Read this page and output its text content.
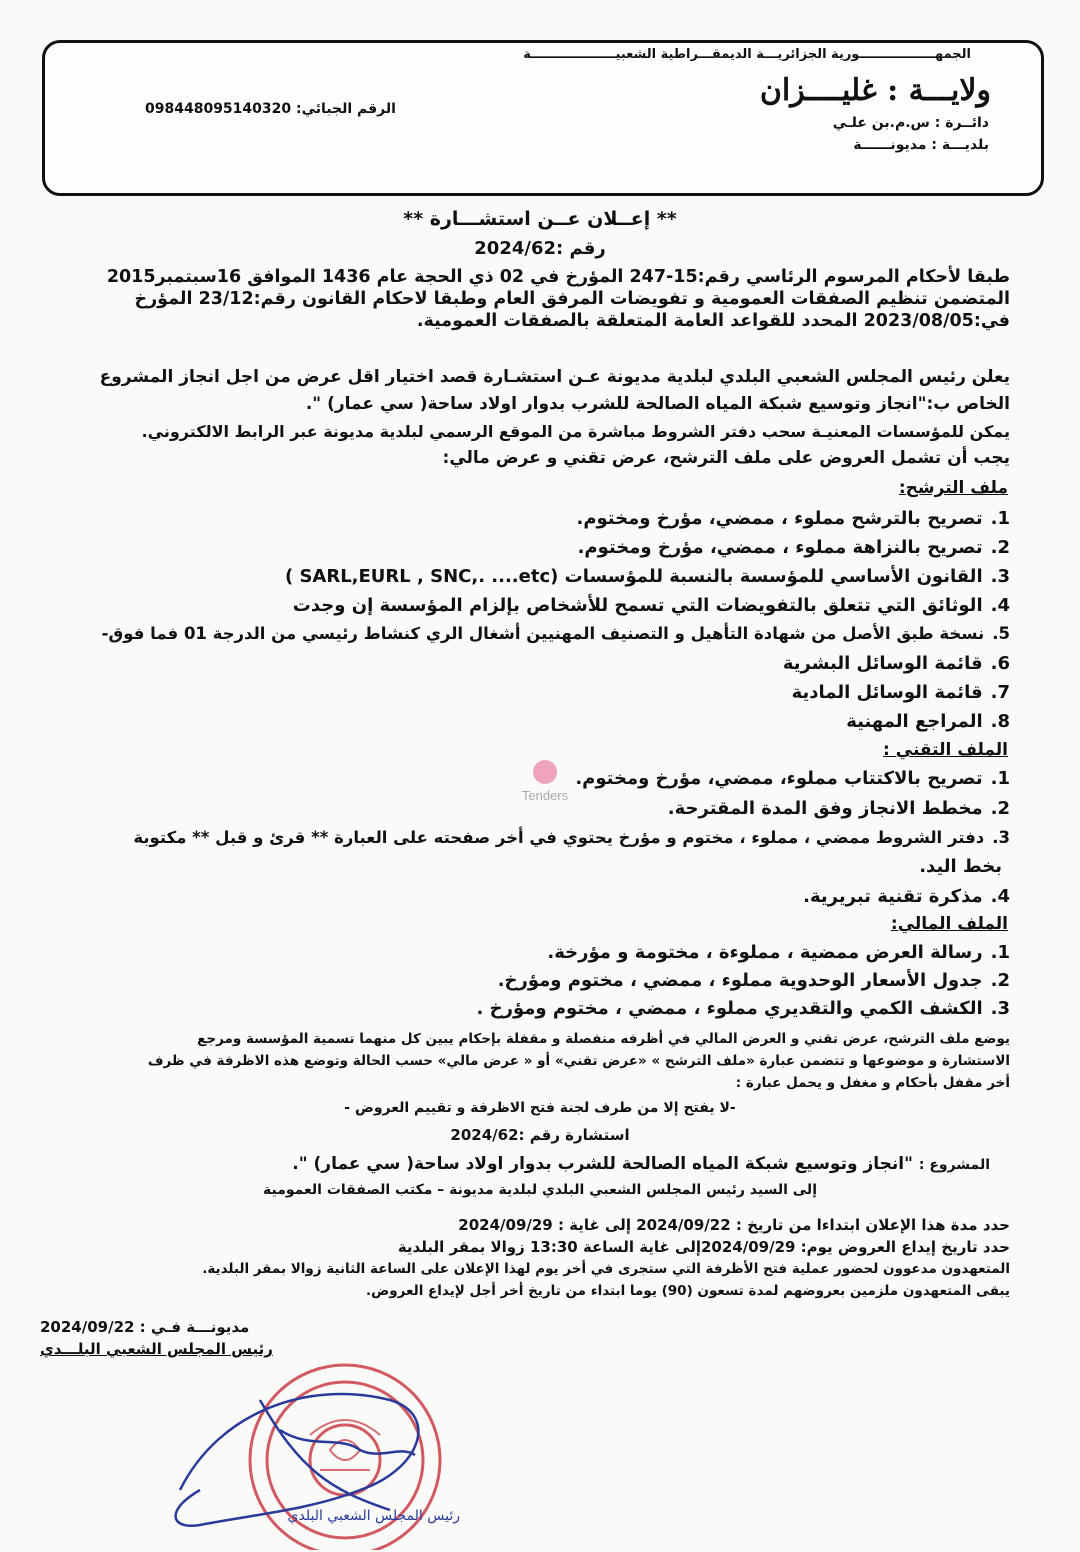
الجمهـــــــــــــــــورية الجزائريـــة الديمقـــراطية الشعبيـــــــــــــــــــة
ولايـــة : غليــــزان
دائــرة : س.م.بن علـي
بلديـــة : مديونــــــة
الرقم الجبائي: 098448095140320
** إعــلان عــن استشـــارة **
رقم :2024/62
طبقا لأحكام المرسوم الرئاسي رقم:15-247 المؤرخ في 02 ذي الحجة عام 1436 الموافق 16سبتمبر2015
المتضمن تنظيم الصفقات العمومية و تفويضات المرفق العام وطبقا لاحكام القانون رقم:23/12 المؤرخ
في:2023/08/05 المحدد للقواعد العامة المتعلقة بالصفقات العمومية.
يعلن رئيس المجلس الشعبي البلدي لبلدية مديونة عـن استشـارة قصد اختيار اقل عرض من اجل انجاز المشروع
الخاص ب:"انجاز وتوسيع شبكة المياه الصالحة للشرب بدوار اولاد ساحة( سي عمار) ".
يمكن للمؤسسات المعنيـة سحب دفتر الشروط مباشرة من الموقع الرسمي لبلدية مديونة عبر الرابط الالكتروني.
يجب أن تشمل العروض على ملف الترشح، عرض تقني و عرض مالي:
ملف الترشح:
1.تصريح بالترشح مملوء ، ممضي، مؤرخ ومختوم.
2.تصريح بالنزاهة مملوء ، ممضي، مؤرخ ومختوم.
3.القانون الأساسي للمؤسسة بالنسبة للمؤسسات (SARL,EURL , SNC,. ....etc )
4.الوثائق التي تتعلق بالتفويضات التي تسمح للأشخاص بإلزام المؤسسة إن وجدت
5.نسخة طبق الأصل من شهادة التأهيل و التصنيف المهنيين أشغال الري كنشاط رئيسي من الدرجة 01 فما فوق-
6.قائمة الوسائل البشرية
7.قائمة الوسائل المادية
8.المراجع المهنية
الملف التقني :
1.تصريح بالاكتتاب مملوء، ممضي، مؤرخ ومختوم.
2.مخطط الانجاز وفق المدة المقترحة.
3.دفتر الشروط ممضي ، مملوء ، مختوم و مؤرخ يحتوي في أخر صفحته على العبارة ** قرئ و قبل ** مكتوبة
بخط اليد.
4.مذكرة تقنية تبريرية.
الملف المالي:
1.رسالة العرض ممضية ، مملوءة ، مختومة و مؤرخة.
2.جدول الأسعار الوحدوية مملوء ، ممضي ، مختوم ومؤرخ.
3.الكشف الكمي والتقديري مملوء ، ممضي ، مختوم ومؤرخ .
يوضع ملف الترشح، عرض تقني و العرض المالي في أظرفه منفصلة و مقفلة بإحكام يبين كل منهما تسمية المؤسسة ومرجع
الاستشارة و موضوعها و تتضمن عبارة «ملف الترشح » «عرض تقني» أو « عرض مالي» حسب الحالة وتوضع هذه الاظرفة في ظرف
أخر مقفل بأحكام و مغفل و يحمل عبارة :
-لا يفتح إلا من طرف لجنة فتح الاظرفة و تقييم العروض -
استشارة رقم :2024/62
المشروع : "انجاز وتوسيع شبكة المياه الصالحة للشرب بدوار اولاد ساحة( سي عمار) ".
إلى السيد رئيس المجلس الشعبي البلدي لبلدية مديونة – مكتب الصفقات العمومية
حدد مدة هذا الإعلان ابتداءا من تاريخ : 2024/09/22 إلى غاية : 2024/09/29
حدد تاريخ إيداع العروض يوم: 2024/09/29إلى غاية الساعة 13:30 زوالا بمقر البلدية
المتعهدون مدعوون لحضور عملية فتح الأظرفة التي ستجرى في أخر يوم لهذا الإعلان على الساعة الثانية زوالا بمقر البلدية.
يبقى المتعهدون ملزمين بعروضهم لمدة تسعون (90) يوما ابتداء من تاريخ أخر أجل لإيداع العروض.
مديونـــة فـي : 2024/09/22
رئيس المجلس الشعبي البلـــدي
رئيس المجلس الشعبي البلدي
Tenders
